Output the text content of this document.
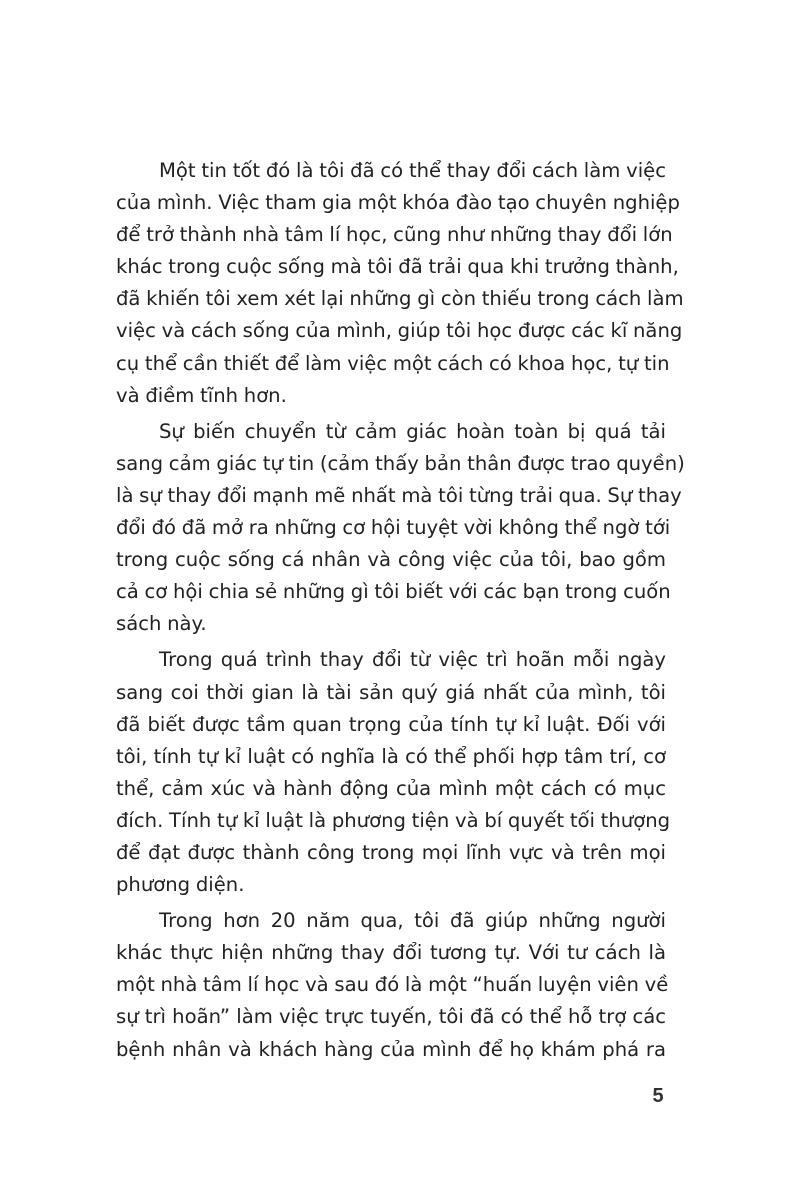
Một tin tốt đó là tôi đã có thể thay đổi cách làm việc
của mình. Việc tham gia một khóa đào tạo chuyên nghiệp
để trở thành nhà tâm lí học, cũng như những thay đổi lớn
khác trong cuộc sống mà tôi đã trải qua khi trưởng thành,
đã khiến tôi xem xét lại những gì còn thiếu trong cách làm
việc và cách sống của mình, giúp tôi học được các kĩ năng
cụ thể cần thiết để làm việc một cách có khoa học, tự tin
và điềm tĩnh hơn.

Sự biến chuyển từ cảm giác hoàn toàn bị quá tải
sang cảm giác tự tin (cảm thấy bản thân được trao quyền)
là sự thay đổi mạnh mẽ nhất mà tôi từng trải qua. Sự thay
đổi đó đã mở ra những cơ hội tuyệt vời không thể ngờ tới
trong cuộc sống cá nhân và công việc của tôi, bao gồm
cả cơ hội chia sẻ những gì tôi biết với các bạn trong cuốn
sách này.

Trong quá trình thay đổi từ việc trì hoãn mỗi ngày
sang coi thời gian là tài sản quý giá nhất của mình, tôi
đã biết được tầm quan trọng của tính tự kỉ luật. Đối với
tôi, tính tự kỉ luật có nghĩa là có thể phối hợp tâm trí, cơ
thể, cảm xúc và hành động của mình một cách có mục
đích. Tính tự kỉ luật là phương tiện và bí quyết tối thượng
để đạt được thành công trong mọi lĩnh vực và trên mọi
phương diện.

Trong hơn 20 năm qua, tôi đã giúp những người
khác thực hiện những thay đổi tương tự. Với tư cách là
một nhà tâm lí học và sau đó là một “huấn luyện viên về
sự trì hoãn” làm việc trực tuyến, tôi đã có thể hỗ trợ các
bệnh nhân và khách hàng của mình để họ khám phá ra

5
